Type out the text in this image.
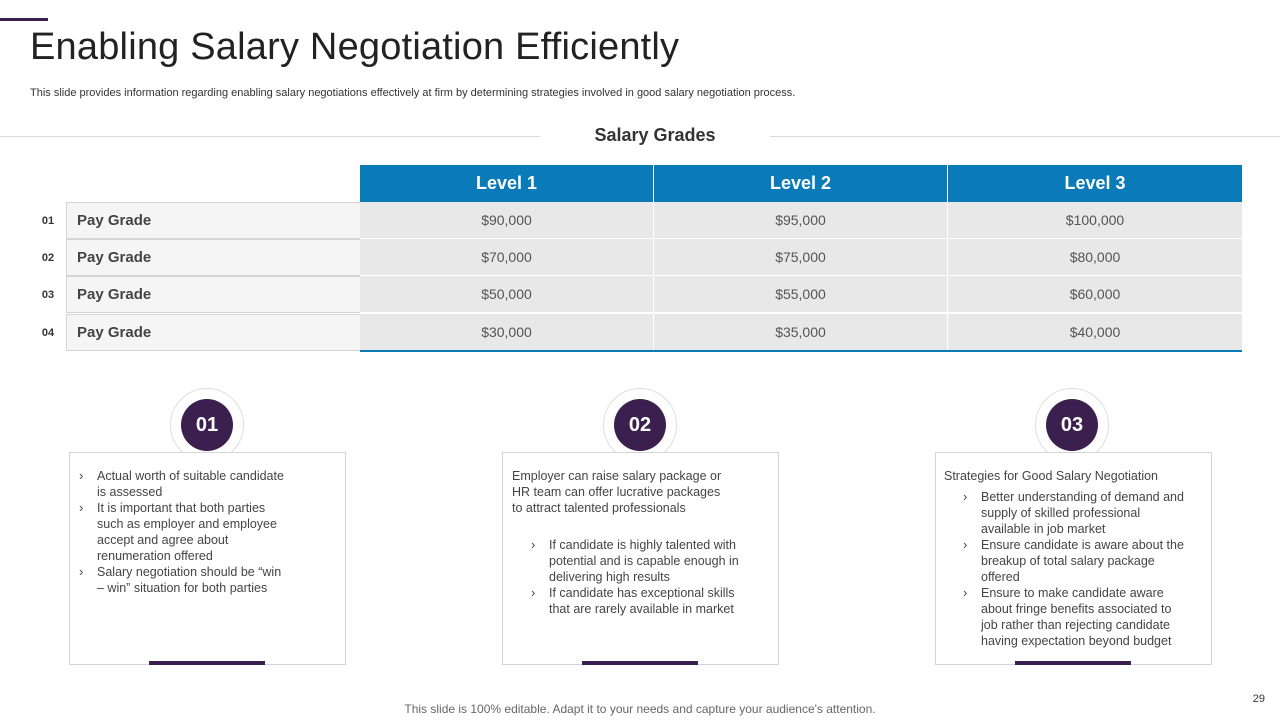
Enabling Salary Negotiation Efficiently
This slide provides information regarding enabling salary negotiations effectively at firm by determining strategies involved in good salary negotiation process.
Salary Grades
Level 1	Level 2	Level 3
01	Pay Grade	$90,000	$95,000	$100,000
02	Pay Grade	$70,000	$75,000	$80,000
03	Pay Grade	$50,000	$55,000	$60,000
04	Pay Grade	$30,000	$35,000	$40,000
01
› Actual worth of suitable candidate is assessed
› It is important that both parties such as employer and employee accept and agree about renumeration offered
› Salary negotiation should be “win – win” situation for both parties
02

Employer can raise salary package or HR team can offer lucrative packages to attract talented professionals

› If candidate is highly talented with potential and is capable enough in delivering high results
› If candidate has exceptional skills that are rarely available in market
03

Strategies for Good Salary Negotiation

› Better understanding of demand and supply of skilled professional available in job market
› Ensure candidate is aware about the breakup of total salary package offered
› Ensure to make candidate aware about fringe benefits associated to job rather than rejecting candidate having expectation beyond budget
This slide is 100% editable. Adapt it to your needs and capture your audience's attention.
29
